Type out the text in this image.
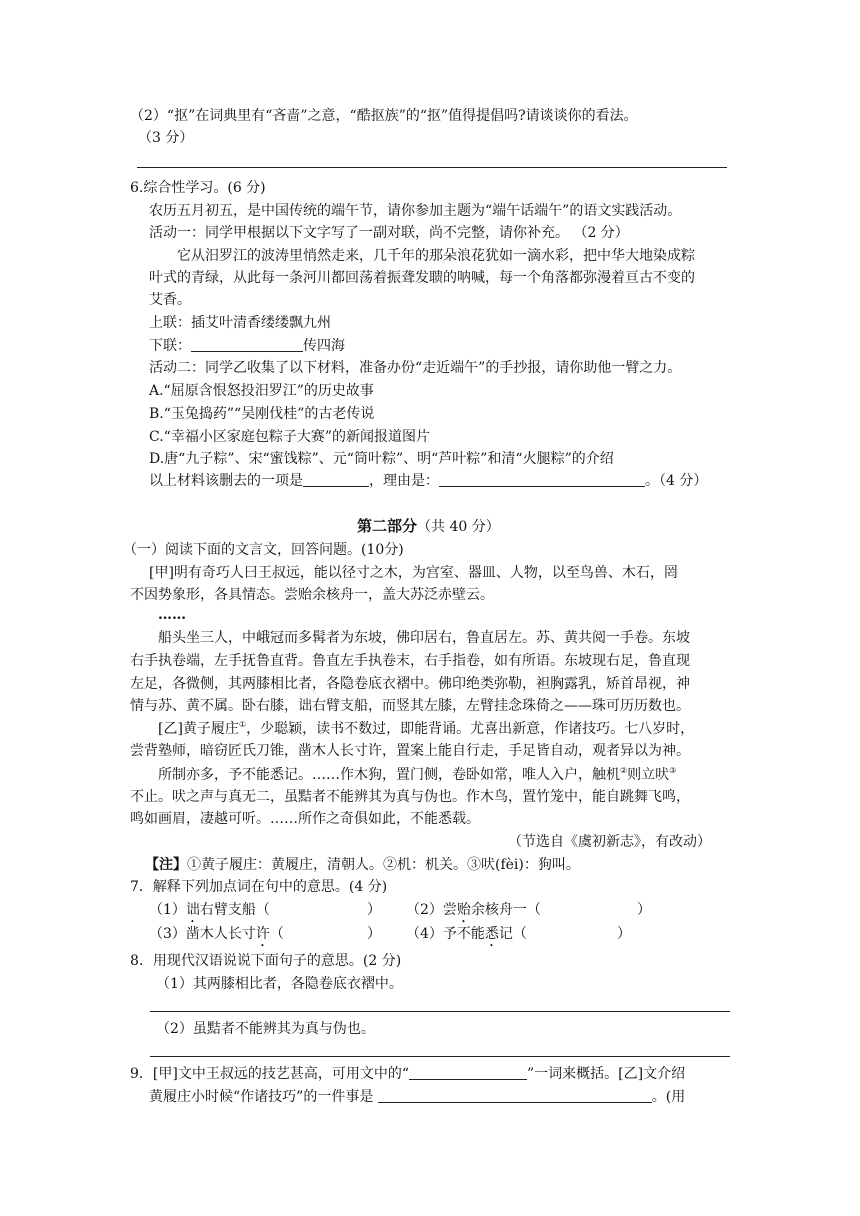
（2）“抠”在词典里有“吝啬”之意，“酷抠族”的“抠”值得提倡吗?请谈谈你的看法。
（3 分）
6.综合性学习。(6 分)
农历五月初五，是中国传统的端午节，请你参加主题为“端午话端午”的语文实践活动。
活动一：同学甲根据以下文字写了一副对联，尚不完整，请你补充。 （2 分）
它从汨罗江的波涛里悄然走来，几千年的那朵浪花犹如一滴水彩，把中华大地染成粽
叶式的青绿，从此每一条河川都回荡着振聋发聩的呐喊，每一个角落都弥漫着亘古不变的
艾香。
上联：插艾叶清香缕缕飘九州
下联：	传四海
活动二：同学乙收集了以下材料，准备办份“走近端午”的手抄报，请你助他一臂之力。
A.“屈原含恨怒投汨罗江”的历史故事
B.“玉兔捣药”“吴刚伐桂”的古老传说
C.“幸福小区家庭包粽子大赛”的新闻报道图片
D.唐“九子粽”、宋“蜜饯粽”、元“筒叶粽”、明“芦叶粽”和清“火腿粽”的介绍
以上材料该删去的一项是	，理由是：	。（4 分）
第二部分（共 40 分）
（一）阅读下面的文言文，回答问题。(10分)
[甲]明有奇巧人曰王叔远，能以径寸之木，为宫室、器皿、人物，以至鸟兽、木石，罔
不因势象形，各具情态。尝贻余核舟一，盖大苏泛赤壁云。
……
船头坐三人，中峨冠而多髯者为东坡，佛印居右，鲁直居左。苏、黄共阅一手卷。东坡
右手执卷端，左手抚鲁直背。鲁直左手执卷末，右手指卷，如有所语。东坡现右足，鲁直现
左足，各微侧，其两膝相比者，各隐卷底衣褶中。佛印绝类弥勒，袒胸露乳，矫首昂视，神
情与苏、黄不属。卧右膝，诎右臂支船，而竖其左膝，左臂挂念珠倚之——珠可历历数也。
[乙]黄子履庄①，少聪颖，读书不数过，即能背诵。尤喜出新意，作诸技巧。七八岁时，
尝背塾师，暗窃匠氏刀锥，凿木人长寸许，置案上能自行走，手足皆自动，观者异以为神。
所制亦多，予不能悉记。……作木狗，置门侧，卷卧如常，唯人入户，触机②则立吠③
不止。吠之声与真无二，虽黠者不能辨其为真与伪也。作木鸟，置竹笼中，能自跳舞飞鸣，
鸣如画眉，凄越可听。……所作之奇俱如此，不能悉载。
（节选自《虞初新志》，有改动）
【注】①黄子履庄：黄履庄，清朝人。②机：机关。③吠(fèi)：狗叫。
7．解释下列加点词在句中的意思。(4 分)
（1）诎右臂支船（	） （2）尝贻余核舟一（	）
（3）凿木人长寸许（	） （4）予不能悉记（	）
8．用现代汉语说说下面句子的意思。(2 分)
（1）其两膝相比者，各隐卷底衣褶中。
（2）虽黠者不能辨其为真与伪也。
9．[甲]文中王叔远的技艺甚高，可用文中的“	”一词来概括。[乙]文介绍
黄履庄小时候“作诸技巧”的一件事是	。(用
